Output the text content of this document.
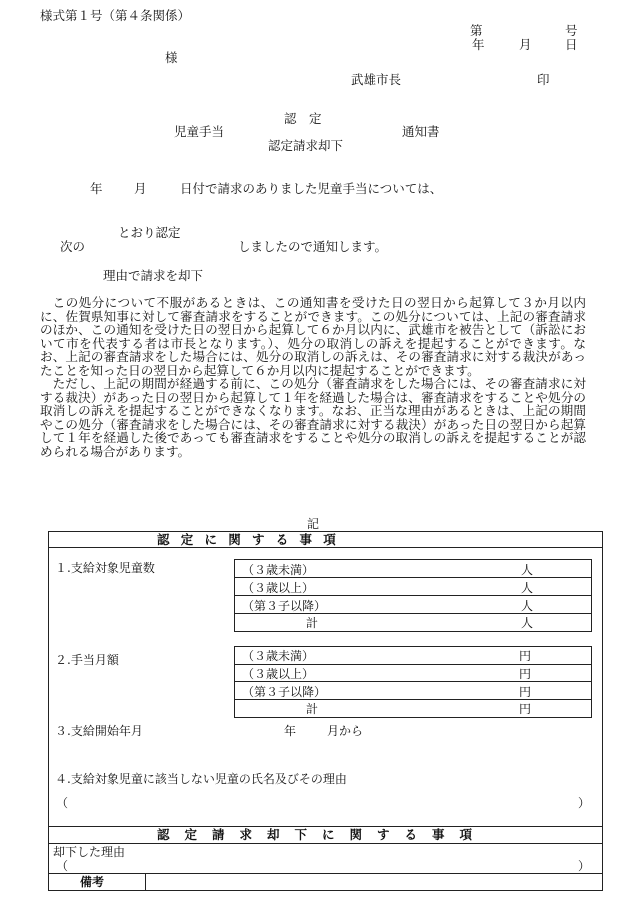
様式第１号（第４条関係）
第	号
年	月	日
様
武雄市長	印
認　定
児童手当	通知書
認定請求却下
年	月	日付で請求のありました児童手当については、
とおり認定
次の	しましたので通知します。
理由で請求を却下

この処分について不服があるときは、この通知書を受けた日の翌日から起算して３か月以内に、佐賀県知事に対して審査請求をすることができます。この処分については、上記の審査請求のほか、この通知を受けた日の翌日から起算して６か月以内に、武雄市を被告として（訴訟において市を代表する者は市長となります。）、処分の取消しの訴えを提起することができます。なお、上記の審査請求をした場合には、処分の取消しの訴えは、その審査請求に対する裁決があったことを知った日の翌日から起算して６か月以内に提起することができます。

ただし、上記の期間が経過する前に、この処分（審査請求をした場合には、その審査請求に対する裁決）があった日の翌日から起算して１年を経過した場合は、審査請求をすることや処分の取消しの訴えを提起することができなくなります。なお、正当な理由があるときは、上記の期間やこの処分（審査請求をした場合には、その審査請求に対する裁決）があった日の翌日から起算して１年を経過した後であっても審査請求をすることや処分の取消しの訴えを提起することが認められる場合があります。

記
認定に関する事項
１.支給対象児童数	（３歳未満）	人
（３歳以上）	人
（第３子以降）	人
計	人
２.手当月額	（３歳未満）	円
（３歳以上）	円
（第３子以降）	円
計	円
３.支給開始年月	年	月から
４.支給対象児童に該当しない児童の氏名及びその理由
（	）
認定請求却下に関する事項
却下した理由
（	）
備考
